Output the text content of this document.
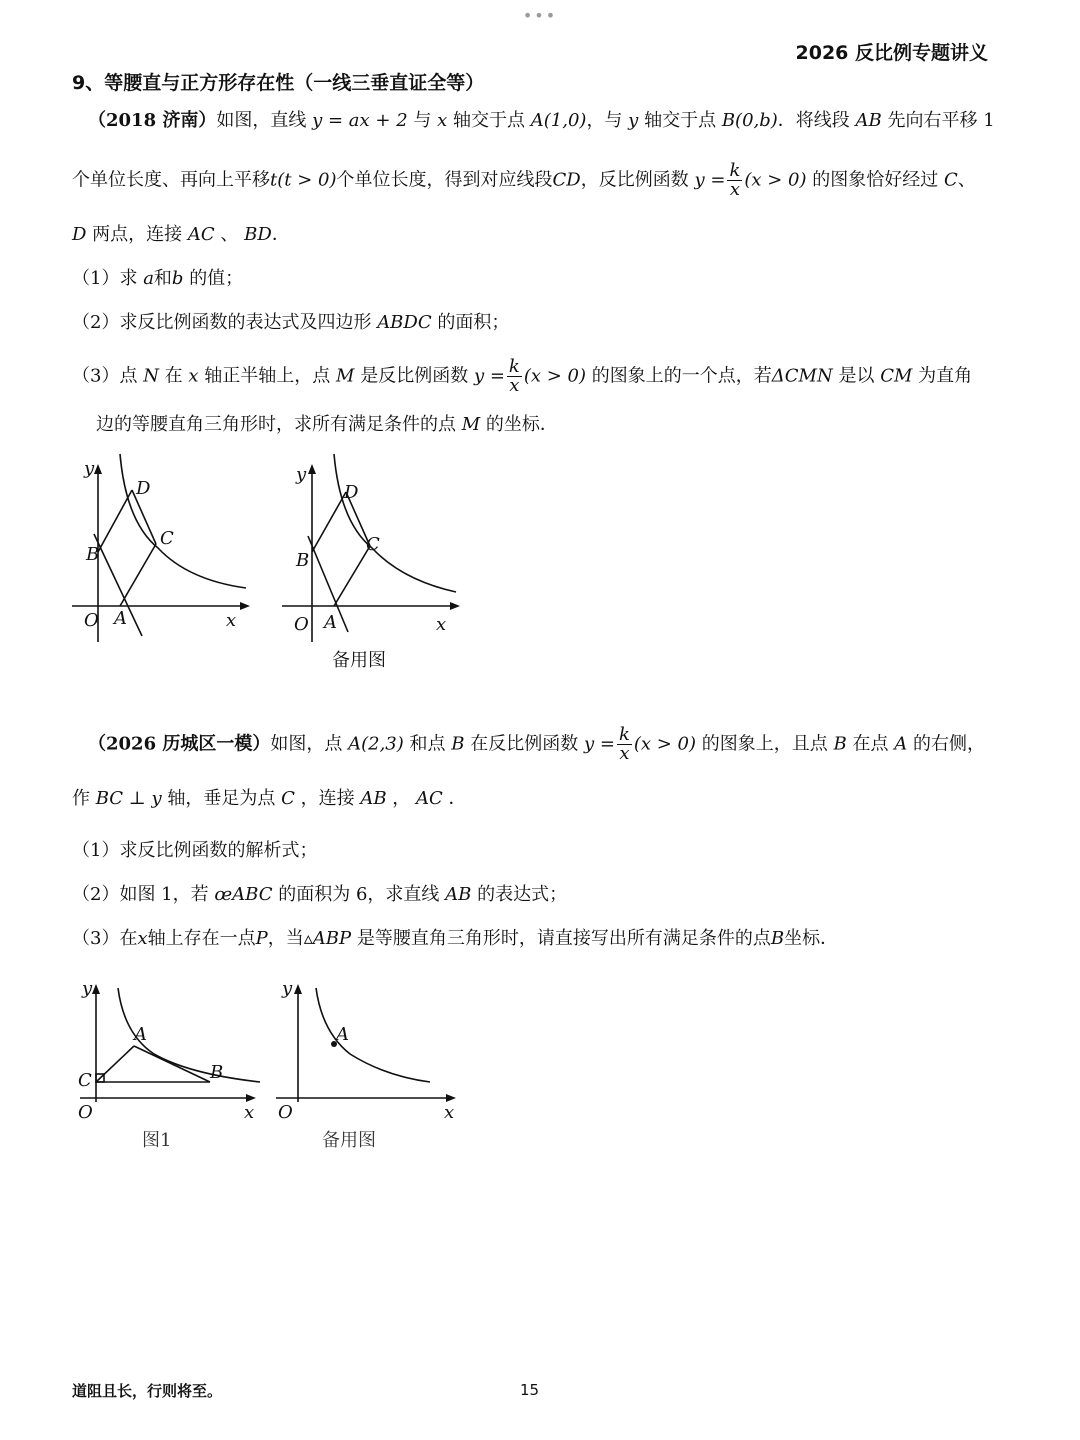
•••
2026 反比例专题讲义
9、等腰直与正方形存在性（一线三垂直证全等）
（2018 济南）如图，直线 y = ax + 2 与 x 轴交于点 A(1,0)，与 y 轴交于点 B(0,b)．将线段 AB 先向右平移 1
个单位长度、再向上平移t(t > 0)个单位长度，得到对应线段CD，反比例函数 $y = \frac{k}{x} (x > 0)$ 的图象恰好经过 C、
D 两点，连接 AC 、 BD．
（1）求 a和b 的值；
（2）求反比例函数的表达式及四边形 ABDC 的面积；
（3）点 N 在 x 轴正半轴上，点 M 是反比例函数 $y = \frac{k}{x} (x > 0)$ 的图象上的一个点，若ΔCMN 是以 CM 为直角
边的等腰直角三角形时，求所有满足条件的点 M 的坐标．
y
x
O A
B
C
D
y
x
O A
B
C
D
备用图
（2026 历城区一模）如图，点 A(2,3) 和点 B 在反比例函数 $y = \frac{k}{x} (x > 0)$ 的图象上，且点 B 在点 A 的右侧，
作 BC ⊥ y 轴，垂足为点 C ，连接 AB ， AC ．
（1）求反比例函数的解析式；
（2）如图 1，若 œABC 的面积为 6，求直线 AB 的表达式；
（3）在x轴上存在一点P，当▵ABP 是等腰直角三角形时，请直接写出所有满足条件的点B坐标．
y
x
O
A
B
C
图1
y
x
O
A
备用图
道阻且长，行则将至。	15
